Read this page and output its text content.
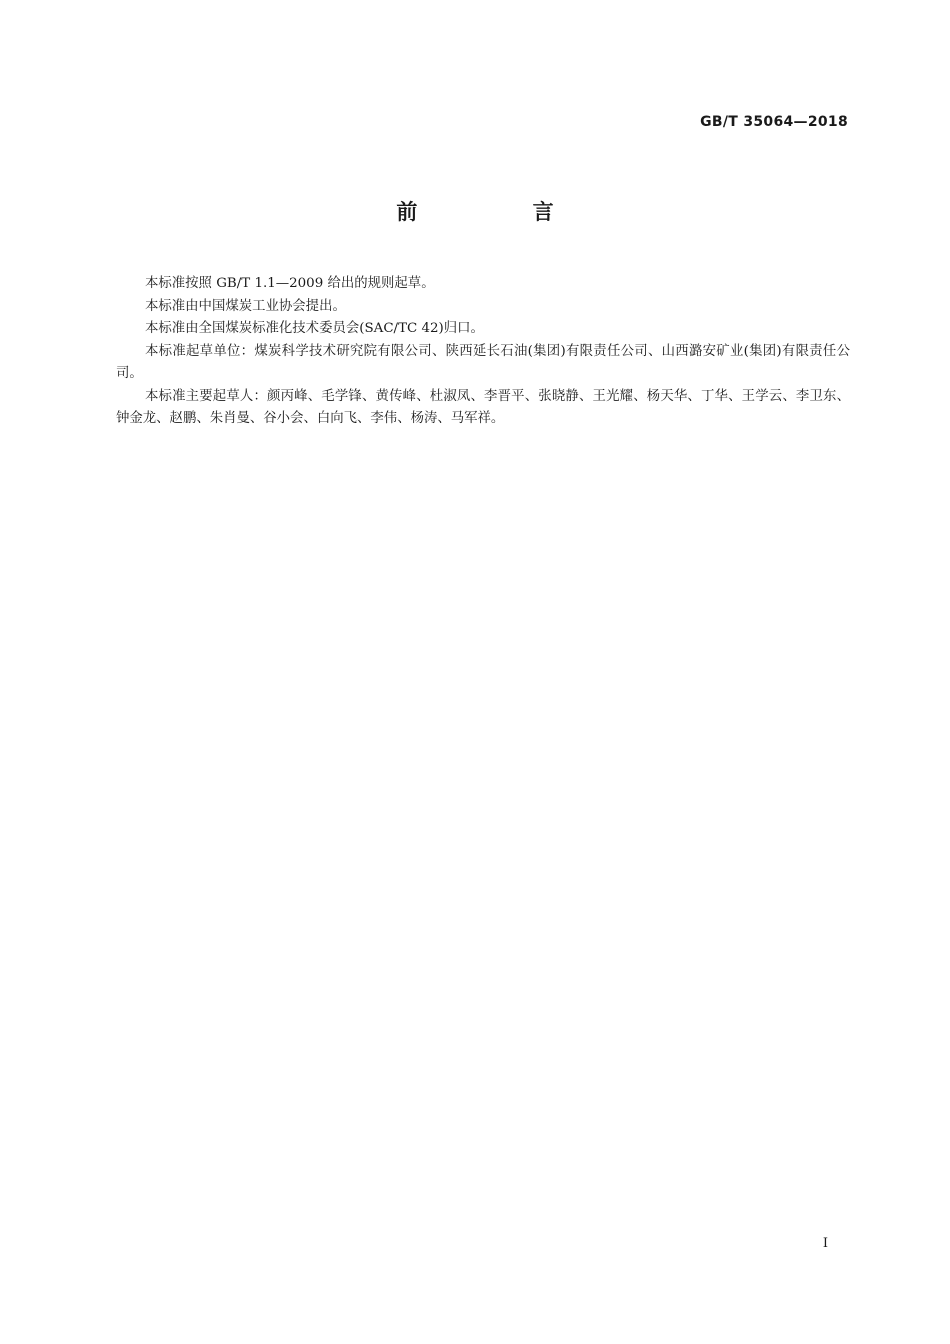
GB/T 35064—2018
前 言

本标准按照 GB/T 1.1—2009 给出的规则起草。

本标准由中国煤炭工业协会提出。

本标准由全国煤炭标准化技术委员会(SAC/TC 42)归口。

本标准起草单位：煤炭科学技术研究院有限公司、陕西延长石油(集团)有限责任公司、山西潞安矿业(集团)有限责任公司。

本标准主要起草人：颜丙峰、毛学锋、黄传峰、杜淑凤、李晋平、张晓静、王光耀、杨天华、丁华、王学云、李卫东、钟金龙、赵鹏、朱肖曼、谷小会、白向飞、李伟、杨涛、马军祥。

I
